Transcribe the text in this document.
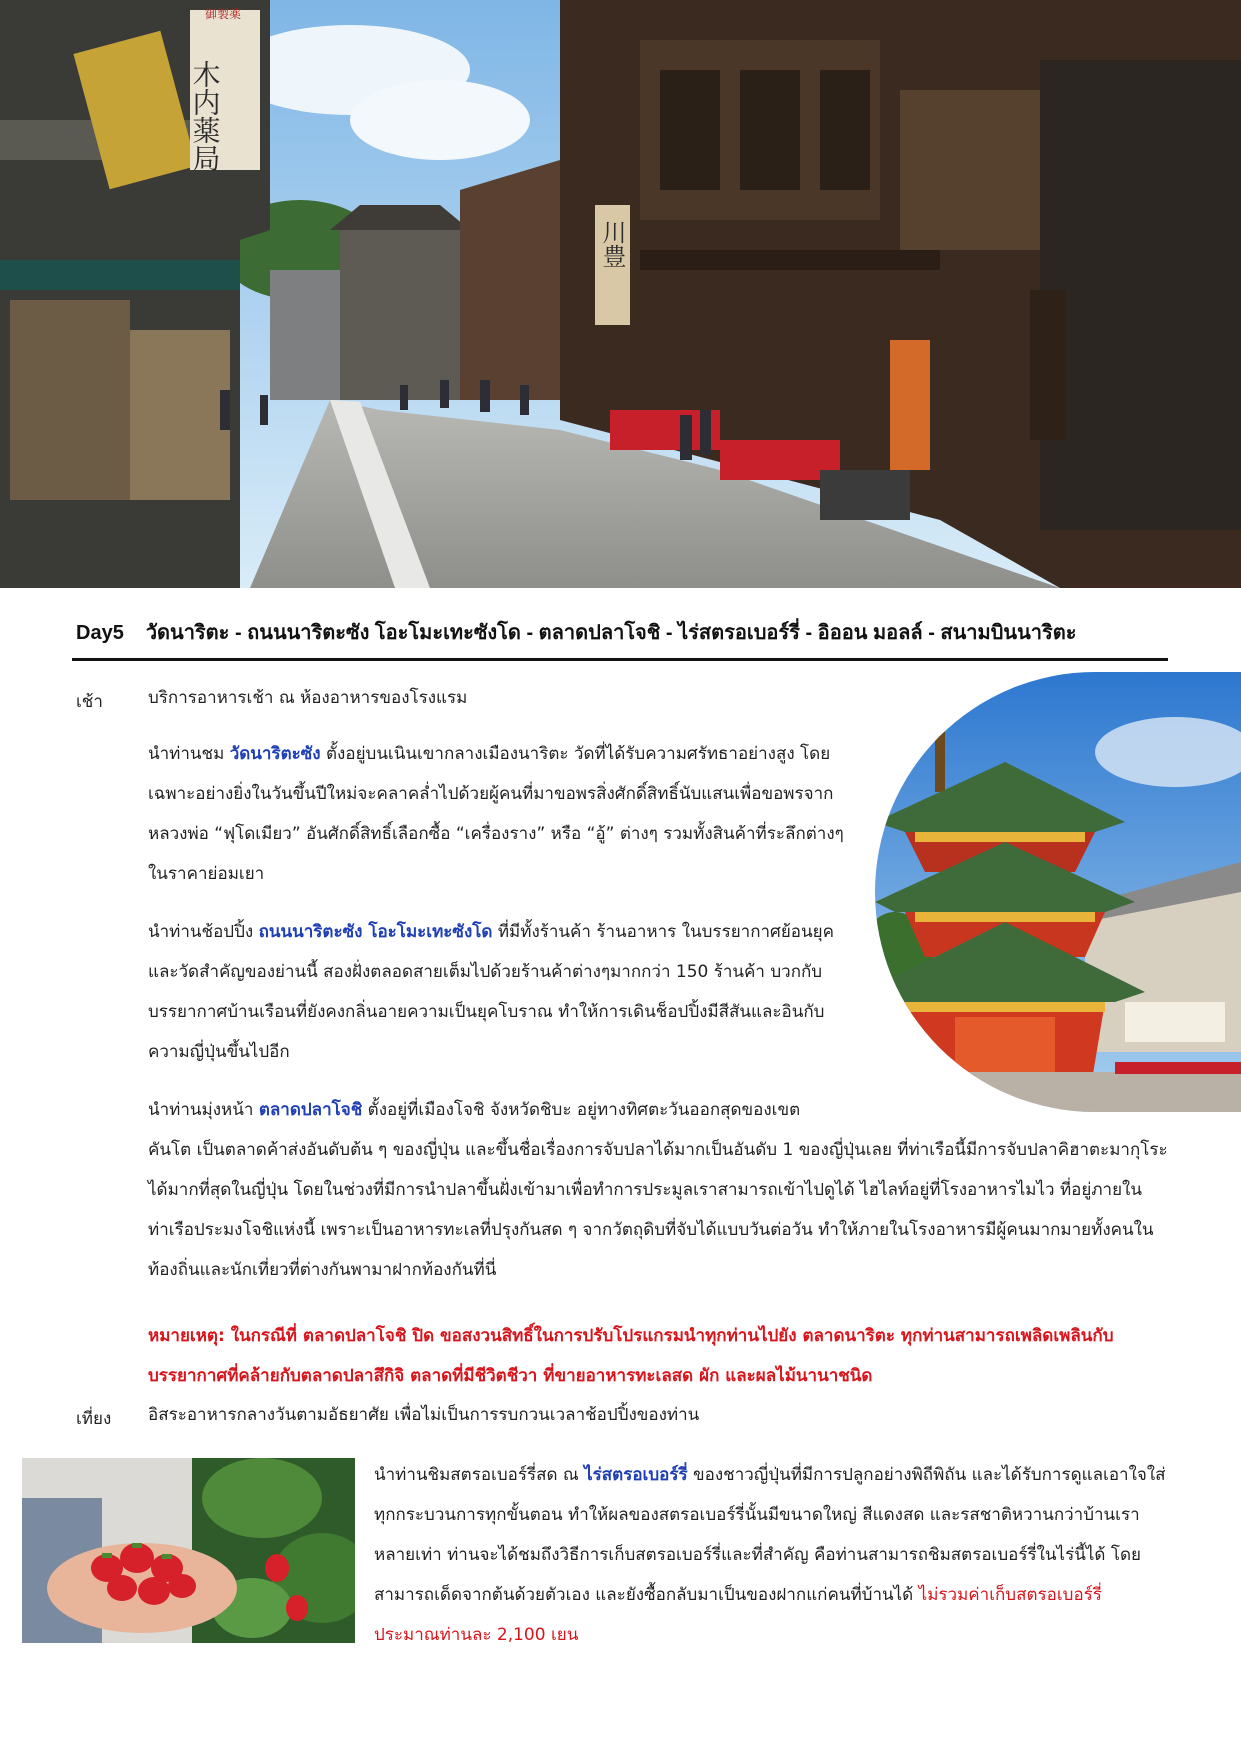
木内薬局
川豊
御製薬
Day5 วัดนาริตะ - ถนนนาริตะซัง โอะโมะเทะซังโด - ตลาดปลาโจชิ - ไร่สตรอเบอร์รี่ - อิออน มอลล์ - สนามบินนาริตะ
เช้า	บริการอาหารเช้า ณ ห้องอาหารของโรงแรม
นำท่านชม วัดนาริตะซัง ตั้งอยู่บนเนินเขากลางเมืองนาริตะ วัดที่ได้รับความศรัทธาอย่างสูง โดยเฉพาะอย่างยิ่งในวันขึ้นปีใหม่จะคลาคล่ำไปด้วยผู้คนที่มาขอพรสิ่งศักดิ์สิทธิ์นับแสนเพื่อขอพรจากหลวงพ่อ “ฟุโดเมียว” อันศักดิ์สิทธิ์เลือกซื้อ “เครื่องราง” หรือ “อู้” ต่างๆ รวมทั้งสินค้าที่ระลึกต่างๆ ในราคาย่อมเยา
นำท่านช้อปปิ้ง ถนนนาริตะซัง โอะโมะเทะซังโด ที่มีทั้งร้านค้า ร้านอาหาร ในบรรยากาศย้อนยุค และวัดสำคัญของย่านนี้ สองฝั่งตลอดสายเต็มไปด้วยร้านค้าต่างๆมากกว่า 150 ร้านค้า บวกกับบรรยากาศบ้านเรือนที่ยังคงกลิ่นอายความเป็นยุคโบราณ ทำให้การเดินช็อปปิ้งมีสีสันและอินกับความญี่ปุ่นขึ้นไปอีก
นำท่านมุ่งหน้า ตลาดปลาโจชิ ตั้งอยู่ที่เมืองโจชิ จังหวัดชิบะ อยู่ทางทิศตะวันออกสุดของเขต
คันโต เป็นตลาดค้าส่งอันดับต้น ๆ ของญี่ปุ่น และขึ้นชื่อเรื่องการจับปลาได้มากเป็นอันดับ 1 ของญี่ปุ่นเลย ที่ท่าเรือนี้มีการจับปลาคิฮาตะมากุโระได้มากที่สุดในญี่ปุ่น โดยในช่วงที่มีการนำปลาขึ้นฝั่งเข้ามาเพื่อทำการประมูลเราสามารถเข้าไปดูได้ ไฮไลท์อยู่ที่โรงอาหารไมไว ที่อยู่ภายในท่าเรือประมงโจชิแห่งนี้ เพราะเป็นอาหารทะเลที่ปรุงกันสด ๆ จากวัตถุดิบที่จับได้แบบวันต่อวัน ทำให้ภายในโรงอาหารมีผู้คนมากมายทั้งคนในท้องถิ่นและนักเที่ยวที่ต่างกันพามาฝากท้องกันที่นี่
หมายเหตุ: ในกรณีที่ ตลาดปลาโจชิ ปิด ขอสงวนสิทธิ์ในการปรับโปรแกรมนำทุกท่านไปยัง ตลาดนาริตะ ทุกท่านสามารถเพลิดเพลินกับบรรยากาศที่คล้ายกับตลาดปลาสึกิจิ ตลาดที่มีชีวิตชีวา ที่ขายอาหารทะเลสด ผัก และผลไม้นานาชนิด
เที่ยง อิสระอาหารกลางวันตามอัธยาศัย เพื่อไม่เป็นการรบกวนเวลาช้อปปิ้งของท่าน
นำท่านชิมสตรอเบอร์รี่สด ณ ไร่สตรอเบอร์รี่ ของชาวญี่ปุ่นที่มีการปลูกอย่างพิถีพิถัน และได้รับการดูแลเอาใจใส่ทุกกระบวนการทุกขั้นตอน ทำให้ผลของสตรอเบอร์รี่นั้นมีขนาดใหญ่ สีแดงสด และรสชาติหวานกว่าบ้านเราหลายเท่า ท่านจะได้ชมถึงวิธีการเก็บสตรอเบอร์รี่และที่สำคัญ คือท่านสามารถชิมสตรอเบอร์รี่ในไร่นี้ได้ โดยสามารถเด็ดจากต้นด้วยตัวเอง และยังซื้อกลับมาเป็นของฝากแก่คนที่บ้านได้ ไม่รวมค่าเก็บสตรอเบอร์รี่ ประมาณท่านละ 2,100 เยน
